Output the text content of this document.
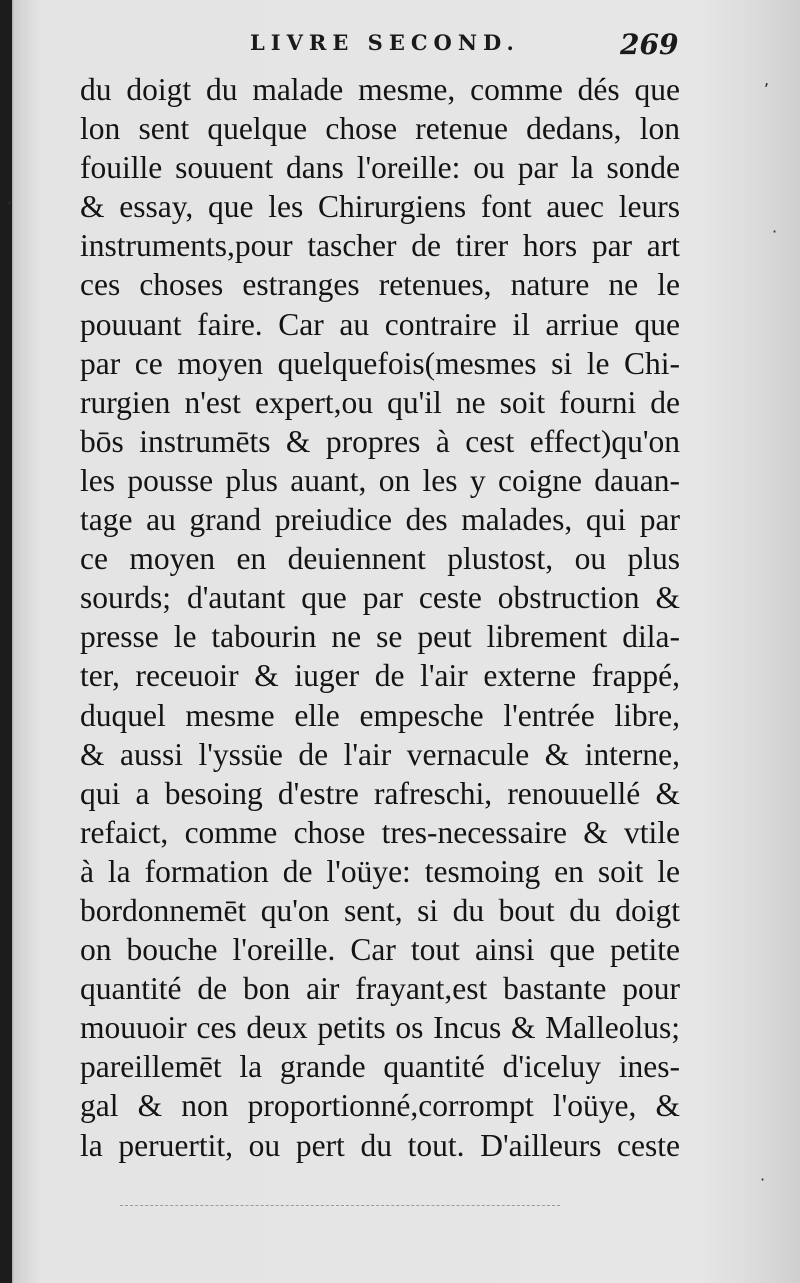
LIVRE SECOND.	269
du doigt du malade mesme, comme dés que
lon sent quelque chose retenue dedans, lon
fouille souuent dans l'oreille: ou par la sonde
& essay, que les Chirurgiens font auec leurs
instruments,pour tascher de tirer hors par art
ces choses estranges retenues, nature ne le
pouuant faire. Car au contraire il arriue que
par ce moyen quelquefois(mesmes si le Chi-
rurgien n'est expert,ou qu'il ne soit fourni de
bōs instrumēts & propres à cest effect)qu'on
les pousse plus auant, on les y coigne dauan-
tage au grand preiudice des malades, qui par
ce moyen en deuiennent plustost, ou plus
sourds; d'autant que par ceste obstruction &
presse le tabourin ne se peut librement dila-
ter, receuoir & iuger de l'air externe frappé,
duquel mesme elle empesche l'entrée libre,
& aussi l'yssüe de l'air vernacule & interne,
qui a besoing d'estre rafreschi, renouuellé &
refaict, comme chose tres-necessaire & vtile
à la formation de l'oüye: tesmoing en soit le
bordonnemēt qu'on sent, si du bout du doigt
on bouche l'oreille. Car tout ainsi que petite
quantité de bon air frayant,est bastante pour
mouuoir ces deux petits os Incus & Malleolus;
pareillemēt la grande quantité d'iceluy ines-
gal & non proportionné,corrompt l'oüye, &
la peruertit, ou pert du tout. D'ailleurs ceste
,
·
,
·
